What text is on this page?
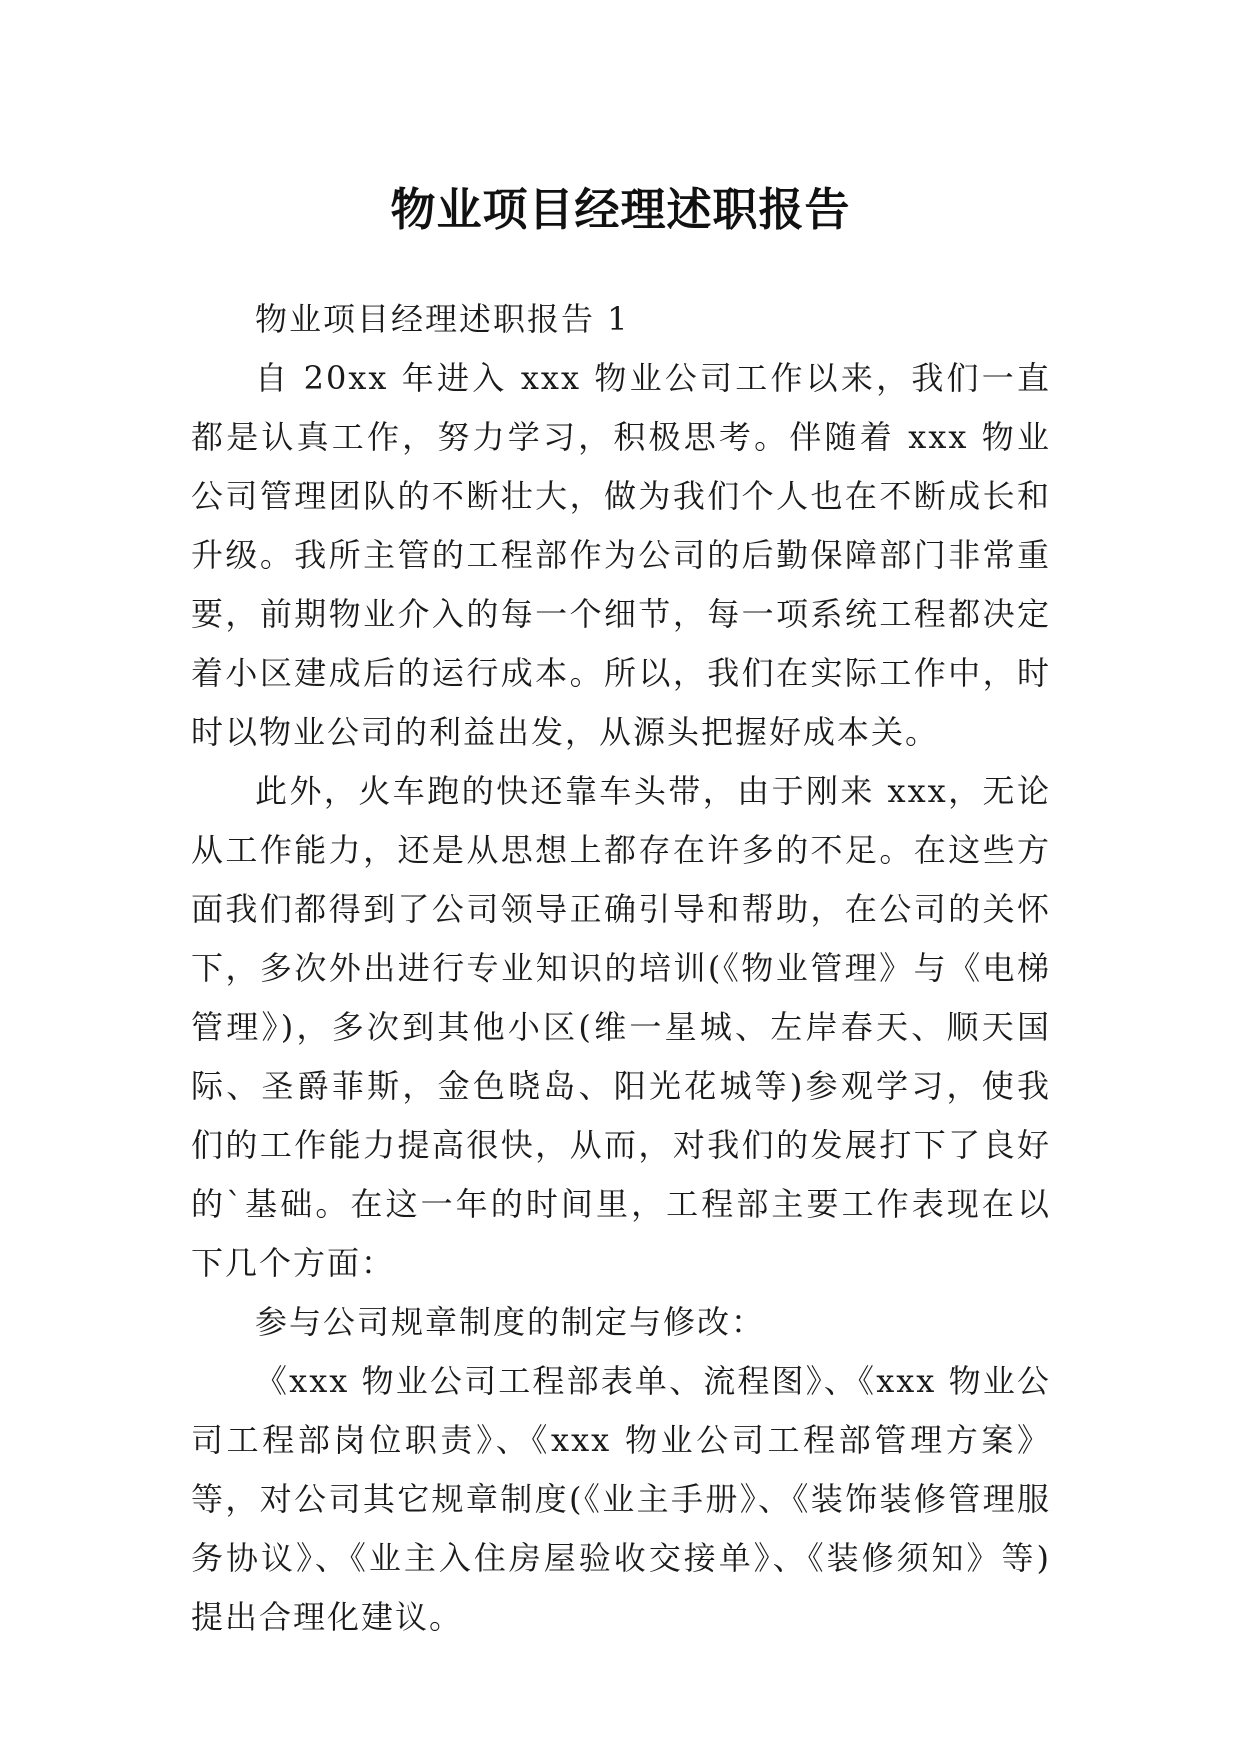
物业项目经理述职报告

物业项目经理述职报告 1

自 20xx 年进入 xxx 物业公司工作以来，我们一直都是认真工作，努力学习，积极思考。伴随着 xxx 物业公司管理团队的不断壮大，做为我们个人也在不断成长和升级。我所主管的工程部作为公司的后勤保障部门非常重要，前期物业介入的每一个细节，每一项系统工程都决定着小区建成后的运行成本。所以，我们在实际工作中，时时以物业公司的利益出发，从源头把握好成本关。

此外，火车跑的快还靠车头带，由于刚来 xxx，无论从工作能力，还是从思想上都存在许多的不足。在这些方面我们都得到了公司领导正确引导和帮助，在公司的关怀下，多次外出进行专业知识的培训(《物业管理》与《电梯管理》)，多次到其他小区(维一星城、左岸春天、顺天国际、圣爵菲斯，金色晓岛、阳光花城等)参观学习，使我们的工作能力提高很快，从而，对我们的发展打下了良好的`基础。在这一年的时间里，工程部主要工作表现在以下几个方面：

参与公司规章制度的制定与修改：

《xxx 物业公司工程部表单、流程图》、《xxx 物业公司工程部岗位职责》、《xxx 物业公司工程部管理方案》等，对公司其它规章制度(《业主手册》、《装饰装修管理服务协议》、《业主入住房屋验收交接单》、《装修须知》等)提出合理化建议。
